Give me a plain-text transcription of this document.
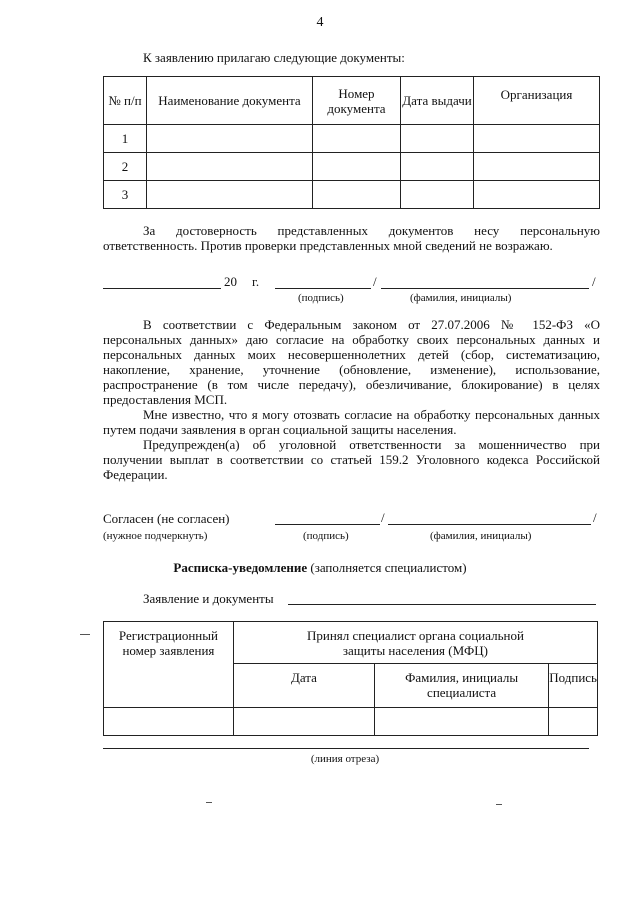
4
К заявлению прилагаю следующие документы:
№ п/п	Наименование документа	Номер документа	Дата выдачи	Организация
1				
2				
3				
За достоверность представленных документов несу персональную
ответственность. Против проверки представленных мной сведений не возражаю.
20 г.	/	/
(подпись)	(фамилия, инициалы)

В соответствии с Федеральным законом от 27.07.2006 № 152-ФЗ «О персональных данных» даю согласие на обработку своих персональных данных и персональных данных моих несовершеннолетних детей (сбор, систематизацию, накопление, хранение, уточнение (обновление, изменение), использование, распространение (в том числе передачу), обезличивание, блокирование) в целях предоставления МСП.

Мне известно, что я могу отозвать согласие на обработку персональных данных путем подачи заявления в орган социальной защиты населения.

Предупрежден(а) об уголовной ответственности за мошенничество при получении выплат в соответствии со статьей 159.2 Уголовного кодекса Российской Федерации.

Согласен (не согласен)
(нужное подчеркнуть)
/	/
(подпись)	(фамилия, инициалы)
Расписка-уведомление (заполняется специалистом)
Заявление и документы
Регистрационный номер заявления	Принял специалист органа социальной защиты населения (МФЦ)		
	Дата	Фамилия, инициалы специалиста	Подпись

(линия отреза)
